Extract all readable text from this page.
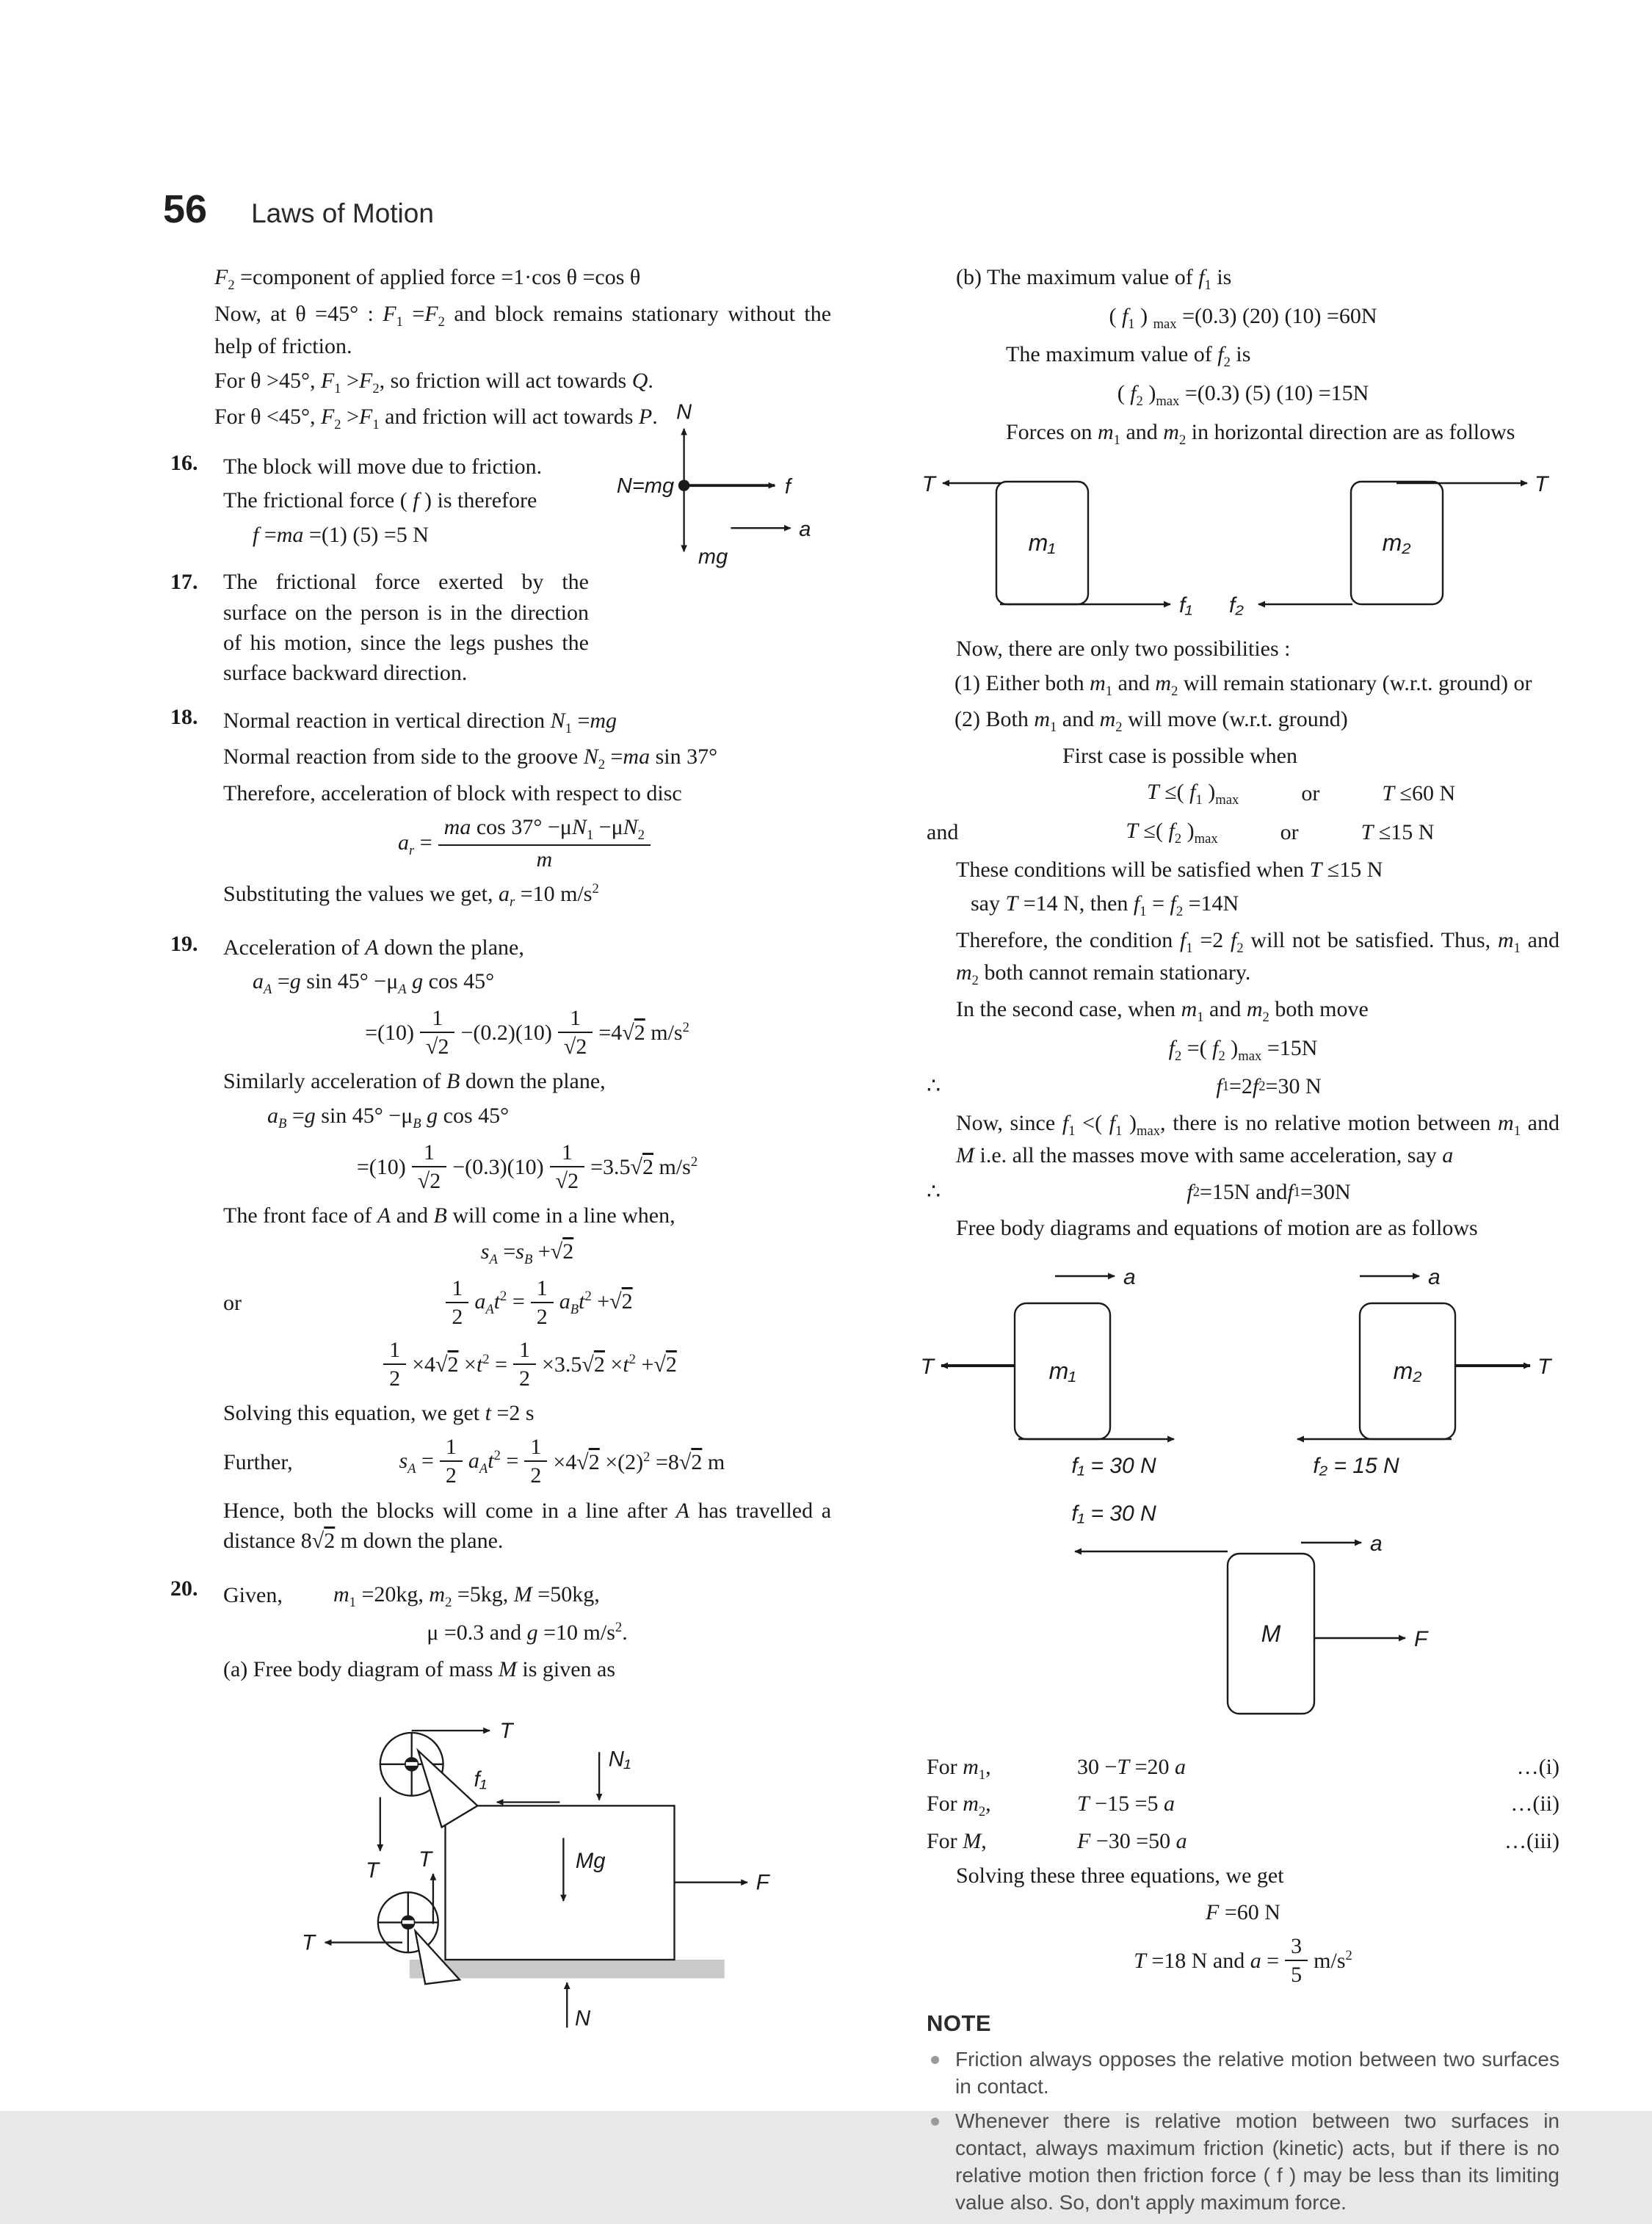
56 Laws of Motion
$F_2$ =component of applied force =1·cos θ =cos θ
Now, at θ =45° : $F_1 =F_2$ and block remains stationary without the help of friction.
For θ >45°, $F_1 >F_2$, so friction will act towards Q.
For θ <45°, $F_2 >F_1$ and friction will act towards P.
16.	The block will move due to friction.
The frictional force ( f ) is therefore
f =ma =(1) (5) =5 N
17.	The frictional force exerted by the surface on the person is in the direction of his motion, since the legs pushes the surface backward direction.
18.	Normal reaction in vertical direction $N_1 =mg$
Normal reaction from side to the groove $N_2 =ma$ sin 37°
Therefore, acceleration of block with respect to disc
$a_r = \frac{ma \cos 37^\circ -\mu N_1 -\mu N_2}{m}$
Substituting the values we get, $a_r =10$ $m/s^2$
19.	Acceleration of A down the plane,
$a_A =g$ $\sin 45^\circ -\mu_A$ g cos 45°
$=(10) \frac{1}{√2} -(0.2)(10) \frac{1}{√2} =4√2$ $m/s^2$
Similarly acceleration of B down the plane,
$a_B =g$ $\sin 45^\circ -\mu_B$ g cos 45°
$=(10) \frac{1}{√2} -(0.3)(10) \frac{1}{√2} =3.5√2$ $m/s^2$
The front face of A and B will come in a line when,
$s_A =s_B +√2$
or	$\frac{1}{2} a_At^2 = \frac{1}{2} a_Bt^2 +√2$
$\frac{1}{2} \times 4√2 \times t^2 = \frac{1}{2} \times 3.5√2 \times t^2 +√2$
Solving this equation, we get t =2 s
Further,	$s_A = \frac{1}{2} a_At^2 = \frac{1}{2} \times 4√2 \times(2)^2 =8√2$ m
Hence, both the blocks will come in a line after A has travelled a distance 8√2 m down the plane.
20.	Given,	$m_1 =20kg$, $m_2 =5kg$, M =50kg,
μ =0.3 and g =10 $m/s^2$.
(a) Free body diagram of mass M is given as
T
f₁
N₁
T T	Mg
F
T
N
N
mg
N=mg	f
a
(b) The maximum value of $f_1$ is
( $f_1$ ) $_{max}$ =(0.3) (20) (10) =60N
The maximum value of $f_2$ is
( $f_2$ )$_{max} =(0.3)$ (5) (10) =15N
Forces on $m_1$ and $m_2$ in horizontal direction are as follows
T
m₁
f₁ f₂
m₂
T
Now, there are only two possibilities :
(1) Either both $m_1$ and $m_2$ will remain stationary (w.r.t. ground) or
(2) Both $m_1$ and $m_2$ will move (w.r.t. ground)
First case is possible when
T ≤( $f_1$ )$_{max}$	or	T ≤60 N
and	T ≤( $f_2$ )$_{max}$	or	T ≤15 N
These conditions will be satisfied when T ≤15 N
say T =14 N, then $f_1 = f_2 =14N$
Therefore, the condition $f_1 =2$ $f_2$ will not be satisfied. Thus, $m_1$ and $m_2$ both cannot remain stationary.
In the second case, when $m_1$ and $m_2$ both move
$f_2$ =( $f_2$ )$_{max} =15N$
∴	f 1 =2 f 2 =30 N
Now, since $f_1$ <( $f_1$ )$_{max}$, there is no relative motion between $m_1$ and M i.e. all the masses move with same acceleration, say a
∴	f 2 =15N and f 1 =30N
Free body diagrams and equations of motion are as follows
a	a
m₁
T
f₁ = 30 N
m₂	T
f₂ = 15 N
f₁ = 30 N
a
M	F
For $m_1$,	30 −T =20 a	…(i)
For $m_2$,	T −15 =5 a	…(ii)
For M,	F −30 =50 a	…(iii)
Solving these three equations, we get
F =60 N
T =18 N and $a = \frac{3}{5} m/s^2$
NOTE
Friction always opposes the relative motion between two surfaces in contact.
Whenever there is relative motion between two surfaces in contact, always maximum friction (kinetic) acts, but if there is no relative motion then friction force ( f ) may be less than its limiting value also. So, don't apply maximum force.
